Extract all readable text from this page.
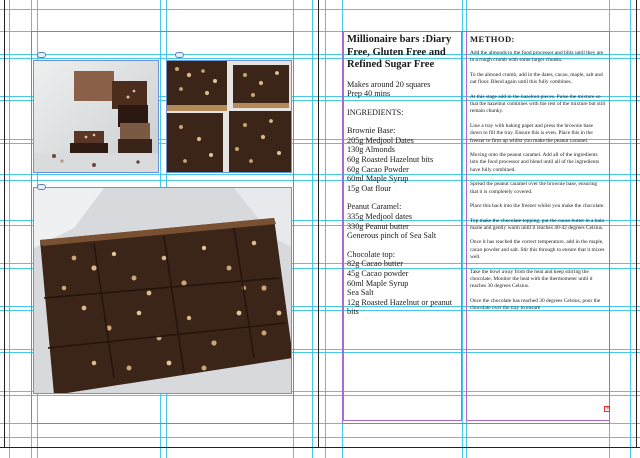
Millionaire bars :Diary Free, Gluten Free and Refined Sugar Free
Makes around 20 squares
Prep 40 mins
INGREDIENTS:
Brownie Base:
205g Medjool Dates
130g Almonds
60g Roasted Hazelnut bits
60g Cacao Powder
60ml Maple Syrup
15g Oat flour
Peanut Caramel:
335g Medjool dates
330g Peanut butter
Generous pinch of Sea Salt
Chocolate top:
82g Cacao butter
45g Cacao powder
60ml Maple Syrup
Sea Salt
12g Roasted Hazelnut or peanut bits
METHOD:

Add the almonds to the food processor and blitz until they are in a rough crumb with some larger chunks.

To the almond crumb, add in the dates, cacao, maple, salt and oat flour. Blend again until this fully combines.

At this stage add in the hazelnut pieces. Pulse the mixture so that the hazelnut combines with the rest of the mixture but still remain chunky.

Line a tray with baking paper and press the brownie base down to fill the tray. Ensure this is even. Place this in the freezer to firm up whilst you make the peanut caramel.

Moving onto the peanut caramel. Add all of the ingredients into the food processor and blend until all of the ingredients have fully combined.

Spread the peanut caramel over the brownie base, ensuring that it is completely covered.

Place this back into the freezer whilst you make the chocolate.

Top make the chocolate topping, put the cacao butter in a bain marie and gently warm until it reaches 40-42 degrees Celsius.

Once it has reached the correct temperature, add in the maple, cacao powder and salt. Stir this through to ensure that it mixes well.

Take the bowl away from the heat and keep stirring the chocolate. Monitor the heat with the thermometer until it reaches 30 degrees Celsius.

Once the chocolate has reached 30 degrees Celsius, pour the chocolate over the tray to ensure

+
